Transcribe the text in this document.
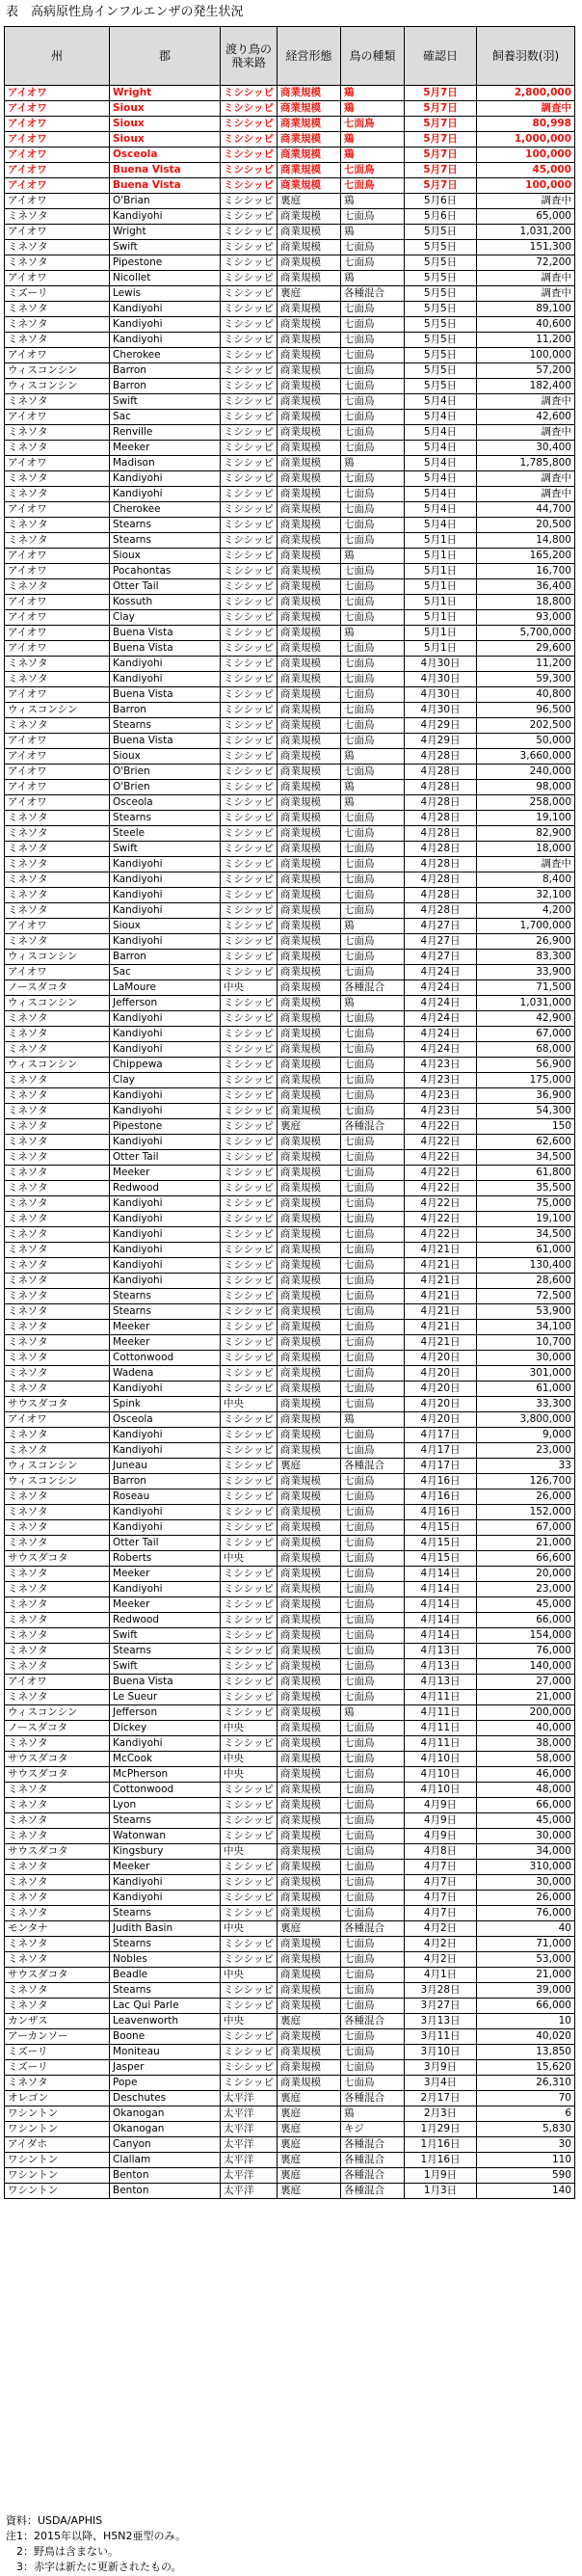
表　高病原性鳥インフルエンザの発生状況
州	郡	渡り鳥の飛来路	経営形態	鳥の種類	確認日	飼養羽数(羽)
アイオワ	Wright	ミシシッピ	商業規模	鶏	5月7日	2,800,000
アイオワ	Sioux	ミシシッピ	商業規模	鶏	5月7日	調査中
アイオワ	Sioux	ミシシッピ	商業規模	七面鳥	5月7日	80,998
アイオワ	Sioux	ミシシッピ	商業規模	鶏	5月7日	1,000,000
アイオワ	Osceola	ミシシッピ	商業規模	鶏	5月7日	100,000
アイオワ	Buena Vista	ミシシッピ	商業規模	七面鳥	5月7日	45,000
アイオワ	Buena Vista	ミシシッピ	商業規模	七面鳥	5月7日	100,000
アイオワ	O'Brian	ミシシッピ	裏庭	鶏	5月6日	調査中
ミネソタ	Kandiyohi	ミシシッピ	商業規模	七面鳥	5月6日	65,000
アイオワ	Wright	ミシシッピ	商業規模	鶏	5月5日	1,031,200
ミネソタ	Swift	ミシシッピ	商業規模	七面鳥	5月5日	151,300
ミネソタ	Pipestone	ミシシッピ	商業規模	七面鳥	5月5日	72,200
アイオワ	Nicollet	ミシシッピ	商業規模	鶏	5月5日	調査中
ミズーリ	Lewis	ミシシッピ	裏庭	各種混合	5月5日	調査中
ミネソタ	Kandiyohi	ミシシッピ	商業規模	七面鳥	5月5日	89,100
ミネソタ	Kandiyohi	ミシシッピ	商業規模	七面鳥	5月5日	40,600
ミネソタ	Kandiyohi	ミシシッピ	商業規模	七面鳥	5月5日	11,200
アイオワ	Cherokee	ミシシッピ	商業規模	七面鳥	5月5日	100,000
ウィスコンシン	Barron	ミシシッピ	商業規模	七面鳥	5月5日	57,200
ウィスコンシン	Barron	ミシシッピ	商業規模	七面鳥	5月5日	182,400
ミネソタ	Swift	ミシシッピ	商業規模	七面鳥	5月4日	調査中
アイオワ	Sac	ミシシッピ	商業規模	七面鳥	5月4日	42,600
ミネソタ	Renville	ミシシッピ	商業規模	七面鳥	5月4日	調査中
ミネソタ	Meeker	ミシシッピ	商業規模	七面鳥	5月4日	30,400
アイオワ	Madison	ミシシッピ	商業規模	鶏	5月4日	1,785,800
ミネソタ	Kandiyohi	ミシシッピ	商業規模	七面鳥	5月4日	調査中
ミネソタ	Kandiyohi	ミシシッピ	商業規模	七面鳥	5月4日	調査中
アイオワ	Cherokee	ミシシッピ	商業規模	七面鳥	5月4日	44,700
ミネソタ	Stearns	ミシシッピ	商業規模	七面鳥	5月4日	20,500
ミネソタ	Stearns	ミシシッピ	商業規模	七面鳥	5月1日	14,800
アイオワ	Sioux	ミシシッピ	商業規模	鶏	5月1日	165,200
アイオワ	Pocahontas	ミシシッピ	商業規模	七面鳥	5月1日	16,700
ミネソタ	Otter Tail	ミシシッピ	商業規模	七面鳥	5月1日	36,400
アイオワ	Kossuth	ミシシッピ	商業規模	七面鳥	5月1日	18,800
アイオワ	Clay	ミシシッピ	商業規模	七面鳥	5月1日	93,000
アイオワ	Buena Vista	ミシシッピ	商業規模	鶏	5月1日	5,700,000
アイオワ	Buena Vista	ミシシッピ	商業規模	七面鳥	5月1日	29,600
ミネソタ	Kandiyohi	ミシシッピ	商業規模	七面鳥	4月30日	11,200
ミネソタ	Kandiyohi	ミシシッピ	商業規模	七面鳥	4月30日	59,300
アイオワ	Buena Vista	ミシシッピ	商業規模	七面鳥	4月30日	40,800
ウィスコンシン	Barron	ミシシッピ	商業規模	七面鳥	4月30日	96,500
ミネソタ	Stearns	ミシシッピ	商業規模	七面鳥	4月29日	202,500
アイオワ	Buena Vista	ミシシッピ	商業規模	七面鳥	4月29日	50,000
アイオワ	Sioux	ミシシッピ	商業規模	鶏	4月28日	3,660,000
アイオワ	O'Brien	ミシシッピ	商業規模	七面鳥	4月28日	240,000
アイオワ	O'Brien	ミシシッピ	商業規模	鶏	4月28日	98,000
アイオワ	Osceola	ミシシッピ	商業規模	鶏	4月28日	258,000
ミネソタ	Stearns	ミシシッピ	商業規模	七面鳥	4月28日	19,100
ミネソタ	Steele	ミシシッピ	商業規模	七面鳥	4月28日	82,900
ミネソタ	Swift	ミシシッピ	商業規模	七面鳥	4月28日	18,000
ミネソタ	Kandiyohi	ミシシッピ	商業規模	七面鳥	4月28日	調査中
ミネソタ	Kandiyohi	ミシシッピ	商業規模	七面鳥	4月28日	8,400
ミネソタ	Kandiyohi	ミシシッピ	商業規模	七面鳥	4月28日	32,100
ミネソタ	Kandiyohi	ミシシッピ	商業規模	七面鳥	4月28日	4,200
アイオワ	Sioux	ミシシッピ	商業規模	鶏	4月27日	1,700,000
ミネソタ	Kandiyohi	ミシシッピ	商業規模	七面鳥	4月27日	26,900
ウィスコンシン	Barron	ミシシッピ	商業規模	七面鳥	4月27日	83,300
アイオワ	Sac	ミシシッピ	商業規模	七面鳥	4月24日	33,900
ノースダコタ	LaMoure	中央	商業規模	各種混合	4月24日	71,500
ウィスコンシン	Jefferson	ミシシッピ	商業規模	鶏	4月24日	1,031,000
ミネソタ	Kandiyohi	ミシシッピ	商業規模	七面鳥	4月24日	42,900
ミネソタ	Kandiyohi	ミシシッピ	商業規模	七面鳥	4月24日	67,000
ミネソタ	Kandiyohi	ミシシッピ	商業規模	七面鳥	4月24日	68,000
ウィスコンシン	Chippewa	ミシシッピ	商業規模	七面鳥	4月23日	56,900
ミネソタ	Clay	ミシシッピ	商業規模	七面鳥	4月23日	175,000
ミネソタ	Kandiyohi	ミシシッピ	商業規模	七面鳥	4月23日	36,900
ミネソタ	Kandiyohi	ミシシッピ	商業規模	七面鳥	4月23日	54,300
ミネソタ	Pipestone	ミシシッピ	裏庭	各種混合	4月22日	150
ミネソタ	Kandiyohi	ミシシッピ	商業規模	七面鳥	4月22日	62,600
ミネソタ	Otter Tail	ミシシッピ	商業規模	七面鳥	4月22日	34,500
ミネソタ	Meeker	ミシシッピ	商業規模	七面鳥	4月22日	61,800
ミネソタ	Redwood	ミシシッピ	商業規模	七面鳥	4月22日	35,500
ミネソタ	Kandiyohi	ミシシッピ	商業規模	七面鳥	4月22日	75,000
ミネソタ	Kandiyohi	ミシシッピ	商業規模	七面鳥	4月22日	19,100
ミネソタ	Kandiyohi	ミシシッピ	商業規模	七面鳥	4月22日	34,500
ミネソタ	Kandiyohi	ミシシッピ	商業規模	七面鳥	4月21日	61,000
ミネソタ	Kandiyohi	ミシシッピ	商業規模	七面鳥	4月21日	130,400
ミネソタ	Kandiyohi	ミシシッピ	商業規模	七面鳥	4月21日	28,600
ミネソタ	Stearns	ミシシッピ	商業規模	七面鳥	4月21日	72,500
ミネソタ	Stearns	ミシシッピ	商業規模	七面鳥	4月21日	53,900
ミネソタ	Meeker	ミシシッピ	商業規模	七面鳥	4月21日	34,100
ミネソタ	Meeker	ミシシッピ	商業規模	七面鳥	4月21日	10,700
ミネソタ	Cottonwood	ミシシッピ	商業規模	七面鳥	4月20日	30,000
ミネソタ	Wadena	ミシシッピ	商業規模	七面鳥	4月20日	301,000
ミネソタ	Kandiyohi	ミシシッピ	商業規模	七面鳥	4月20日	61,000
サウスダコタ	Spink	中央	商業規模	七面鳥	4月20日	33,300
アイオワ	Osceola	ミシシッピ	商業規模	鶏	4月20日	3,800,000
ミネソタ	Kandiyohi	ミシシッピ	商業規模	七面鳥	4月17日	9,000
ミネソタ	Kandiyohi	ミシシッピ	商業規模	七面鳥	4月17日	23,000
ウィスコンシン	Juneau	ミシシッピ	裏庭	各種混合	4月17日	33
ウィスコンシン	Barron	ミシシッピ	商業規模	七面鳥	4月16日	126,700
ミネソタ	Roseau	ミシシッピ	商業規模	七面鳥	4月16日	26,000
ミネソタ	Kandiyohi	ミシシッピ	商業規模	七面鳥	4月16日	152,000
ミネソタ	Kandiyohi	ミシシッピ	商業規模	七面鳥	4月15日	67,000
ミネソタ	Otter Tail	ミシシッピ	商業規模	七面鳥	4月15日	21,000
サウスダコタ	Roberts	中央	商業規模	七面鳥	4月15日	66,600
ミネソタ	Meeker	ミシシッピ	商業規模	七面鳥	4月14日	20,000
ミネソタ	Kandiyohi	ミシシッピ	商業規模	七面鳥	4月14日	23,000
ミネソタ	Meeker	ミシシッピ	商業規模	七面鳥	4月14日	45,000
ミネソタ	Redwood	ミシシッピ	商業規模	七面鳥	4月14日	66,000
ミネソタ	Swift	ミシシッピ	商業規模	七面鳥	4月14日	154,000
ミネソタ	Stearns	ミシシッピ	商業規模	七面鳥	4月13日	76,000
ミネソタ	Swift	ミシシッピ	商業規模	七面鳥	4月13日	140,000
アイオワ	Buena Vista	ミシシッピ	商業規模	七面鳥	4月13日	27,000
ミネソタ	Le Sueur	ミシシッピ	商業規模	七面鳥	4月11日	21,000
ウィスコンシン	Jefferson	ミシシッピ	商業規模	鶏	4月11日	200,000
ノースダコタ	Dickey	中央	商業規模	七面鳥	4月11日	40,000
ミネソタ	Kandiyohi	ミシシッピ	商業規模	七面鳥	4月11日	38,000
サウスダコタ	McCook	中央	商業規模	七面鳥	4月10日	58,000
サウスダコタ	McPherson	中央	商業規模	七面鳥	4月10日	46,000
ミネソタ	Cottonwood	ミシシッピ	商業規模	七面鳥	4月10日	48,000
ミネソタ	Lyon	ミシシッピ	商業規模	七面鳥	4月9日	66,000
ミネソタ	Stearns	ミシシッピ	商業規模	七面鳥	4月9日	45,000
ミネソタ	Watonwan	ミシシッピ	商業規模	七面鳥	4月9日	30,000
サウスダコタ	Kingsbury	中央	商業規模	七面鳥	4月8日	34,000
ミネソタ	Meeker	ミシシッピ	商業規模	七面鳥	4月7日	310,000
ミネソタ	Kandiyohi	ミシシッピ	商業規模	七面鳥	4月7日	30,000
ミネソタ	Kandiyohi	ミシシッピ	商業規模	七面鳥	4月7日	26,000
ミネソタ	Stearns	ミシシッピ	商業規模	七面鳥	4月7日	76,000
モンタナ	Judith Basin	中央	裏庭	各種混合	4月2日	40
ミネソタ	Stearns	ミシシッピ	商業規模	七面鳥	4月2日	71,000
ミネソタ	Nobles	ミシシッピ	商業規模	七面鳥	4月2日	53,000
サウスダコタ	Beadle	中央	商業規模	七面鳥	4月1日	21,000
ミネソタ	Stearns	ミシシッピ	商業規模	七面鳥	3月28日	39,000
ミネソタ	Lac Qui Parle	ミシシッピ	商業規模	七面鳥	3月27日	66,000
カンザス	Leavenworth	中央	裏庭	各種混合	3月13日	10
アーカンソー	Boone	ミシシッピ	商業規模	七面鳥	3月11日	40,020
ミズーリ	Moniteau	ミシシッピ	商業規模	七面鳥	3月10日	13,850
ミズーリ	Jasper	ミシシッピ	商業規模	七面鳥	3月9日	15,620
ミネソタ	Pope	ミシシッピ	商業規模	七面鳥	3月4日	26,310
オレゴン	Deschutes	太平洋	裏庭	各種混合	2月17日	70
ワシントン	Okanogan	太平洋	裏庭	鶏	2月3日	6
ワシントン	Okanogan	太平洋	裏庭	キジ	1月29日	5,830
アイダホ	Canyon	太平洋	裏庭	各種混合	1月16日	30
ワシントン	Clallam	太平洋	裏庭	各種混合	1月16日	110
ワシントン	Benton	太平洋	裏庭	各種混合	1月9日	590
ワシントン	Benton	太平洋	裏庭	各種混合	1月3日	140
資料：USDA/APHIS
注1：2015年以降、H5N2亜型のみ。
　2：野鳥は含まない。
　3：赤字は新たに更新されたもの。
